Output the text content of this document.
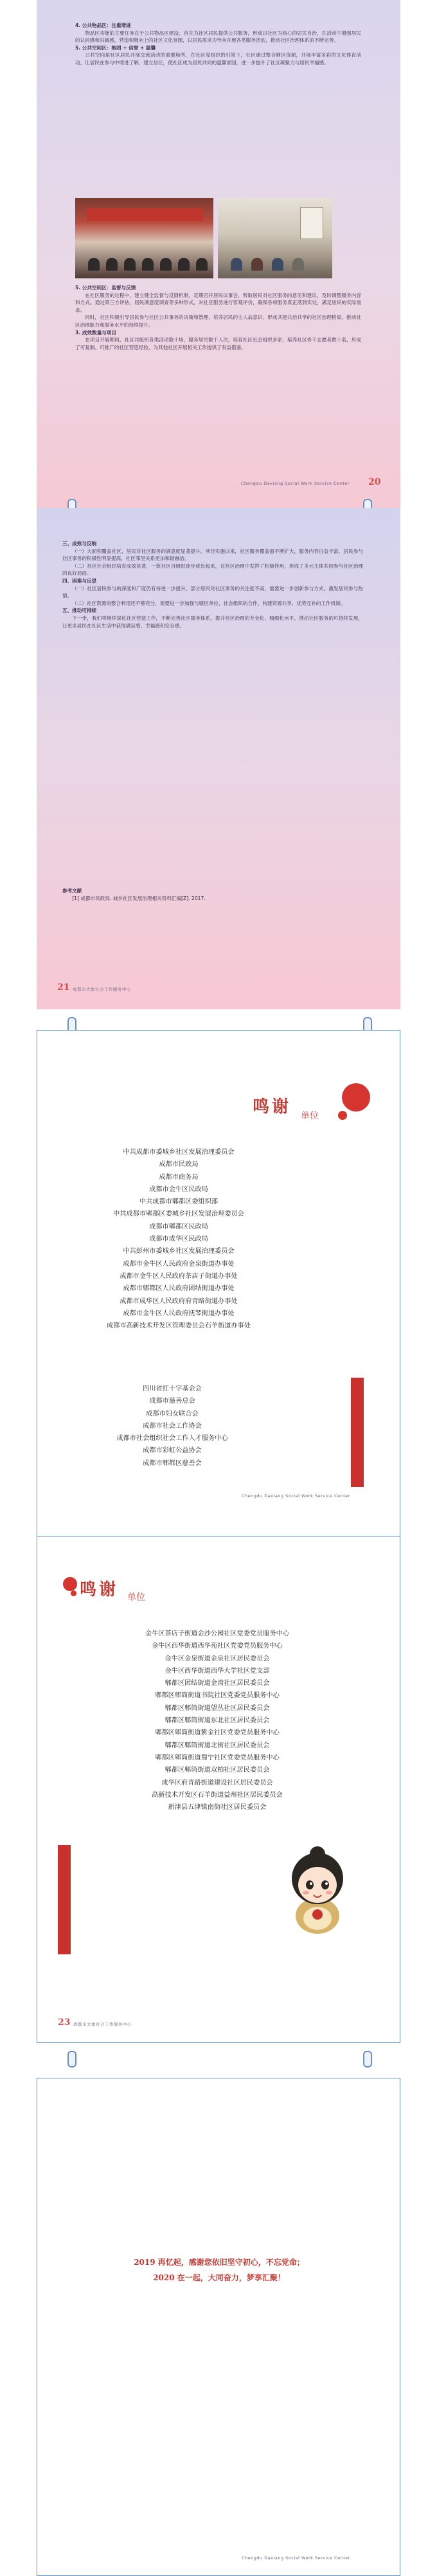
4. 公共物品区：注重增进

物品区功能的主要任务在于公共物品区建设，首先为社区居民提供公共服务，形成以社区为核心的居民自治，在活动中增强居民的认同感和归属感，营造积极向上的社区文化氛围，以居民需求为导向开展各类服务活动，推动社区治理体系的不断完善。

5. 公共空间区：抱团 + 信誉 + 温馨

公共空间是社区居民开展交流活动的重要场所，在社区党组织的引领下，社区通过整合辖区资源，开展丰富多彩的文化体育活动，让居民在参与中增进了解、建立信任，使社区成为居民共同的温馨家园，进一步提升了社区凝聚力与居民幸福感。

5. 公共空间区：监督与反馈

在社区服务的过程中，建立健全监督与反馈机制，定期召开居民议事会，听取居民对社区服务的意见和建议，及时调整服务内容和方式。通过第三方评估、居民满意度调查等多种形式，对社区服务进行客观评价，确保各项服务真正落到实处，满足居民的实际需求。

同时，社区积极引导居民参与社区公共事务的决策和管理，培养居民的主人翁意识，形成共建共治共享的社区治理格局，推动社区治理能力和服务水平的持续提升。

3. 成效数量与项目

在项目开展期间，社区共组织各类活动数十场，服务居民数千人次，培育社区社会组织多家，培养社区骨干志愿者数十名，形成了可复制、可推广的社区营造经验，为其他社区开展相关工作提供了有益借鉴。

Chengdu Daxiang Social Work Service Center 20

三、成效与反响

（一）大面积覆盖社区，居民对社区服务的满意度显著提升。项目实施以来，社区服务覆盖面不断扩大，服务内容日益丰富，居民参与社区事务的积极性明显提高，社区邻里关系更加和谐融洽。

（二）社区社会组织培育成效显著，一批社区自组织逐步成长起来，在社区治理中发挥了积极作用，形成了多元主体共同参与社区治理的良好局面。

四、困难与反思

（一）社区居民参与的深度和广度仍有待进一步提升，部分居民对社区事务的关注度不高，需要进一步创新参与方式，激发居民参与热情。

（二）社区资源的整合利用还不够充分，需要进一步加强与辖区单位、社会组织的合作，构建资源共享、优势互补的工作机制。

五、推动可持续

下一步，我们将继续深化社区营造工作，不断完善社区服务体系，提升社区治理的专业化、精细化水平，推动社区服务的可持续发展，让更多居民在社区生活中获得满足感、幸福感和安全感。

参考文献

[1] 成都市民政局. 城乡社区发展治理相关资料汇编[Z]. 2017.

21 成都市大象社会工作服务中心
鸣谢 单位
中共成都市委城乡社区发展治理委员会
成都市民政局
成都市商务局
成都市金牛区民政局
中共成都市郫都区委组织部
中共成都市郫都区委城乡社区发展治理委员会
成都市郫都区民政局
成都市成华区民政局
中共彭州市委城乡社区发展治理委员会
成都市金牛区人民政府金泉街道办事处
成都市金牛区人民政府茶店子街道办事处
成都市郫都区人民政府团结街道办事处
成都市成华区人民政府府青路街道办事处
成都市金牛区人民政府抚琴街道办事处
成都市高新技术开发区管理委员会石羊街道办事处
四川省红十字基金会
成都市慈善总会
成都市妇女联合会
成都市社会工作协会
成都市社会组织社会工作人才服务中心
成都市彩虹公益协会
成都市郫都区慈善会
Chengdu Daxiang Social Work Service Center
鸣谢 单位
金牛区茶店子街道金沙公园社区党委党员服务中心
金牛区西华街道西华苑社区党委党员服务中心
金牛区金泉街道金泉社区居民委员会
金牛区西华街道西华大学社区党支部
郫都区团结街道金湾社区居民委员会
郫都区郫筒街道书院社区党委党员服务中心
郫都区郫筒街道望丛社区居民委员会
郫都区郫筒街道东北社区居民委员会
郫都区郫筒街道紫金社区党委党员服务中心
郫都区郫筒街道北街社区居民委员会
郫都区郫筒街道蜀宁社区党委党员服务中心
郫都区郫筒街道双柏社区居民委员会
成华区府青路街道建设社区居民委员会
高新技术开发区石羊街道益州社区居民委员会
新津县五津镇南街社区居民委员会
23 成都市大象社会工作服务中心
2019 再忆起，感谢您依旧坚守初心，不忘党命；
2020 在一起，大同奋力，梦享汇聚！
Chengdu Daxiang Social Work Service Center
